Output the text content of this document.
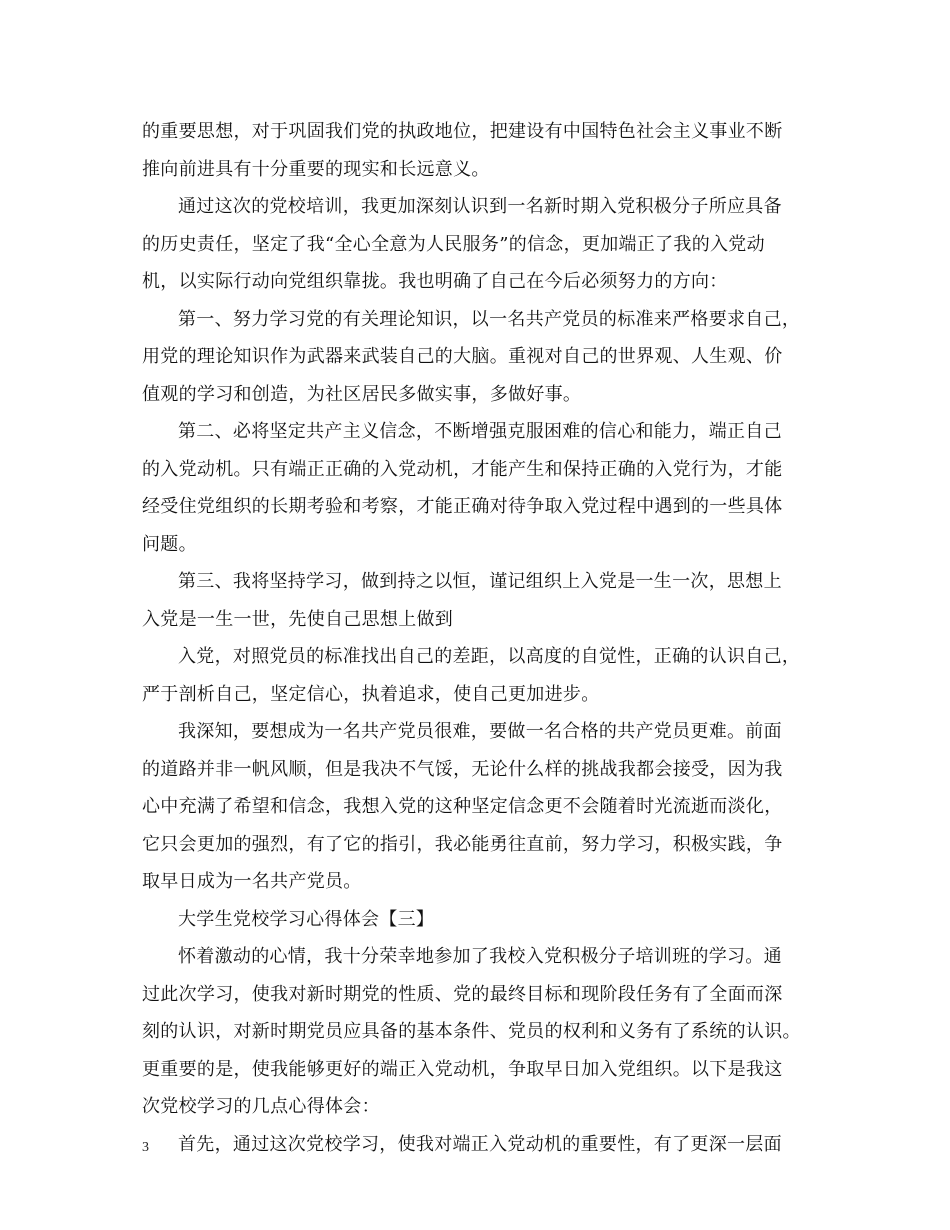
的重要思想，对于巩固我们党的执政地位，把建设有中国特色社会主义事业不断
推向前进具有十分重要的现实和长远意义。
通过这次的党校培训，我更加深刻认识到一名新时期入党积极分子所应具备
的历史责任，坚定了我“全心全意为人民服务”的信念，更加端正了我的入党动
机，以实际行动向党组织靠拢。我也明确了自己在今后必须努力的方向：
第一、努力学习党的有关理论知识，以一名共产党员的标准来严格要求自己，
用党的理论知识作为武器来武装自己的大脑。重视对自己的世界观、人生观、价
值观的学习和创造，为社区居民多做实事，多做好事。
第二、必将坚定共产主义信念，不断增强克服困难的信心和能力，端正自己
的入党动机。只有端正正确的入党动机，才能产生和保持正确的入党行为，才能
经受住党组织的长期考验和考察，才能正确对待争取入党过程中遇到的一些具体
问题。
第三、我将坚持学习，做到持之以恒，谨记组织上入党是一生一次，思想上
入党是一生一世，先使自己思想上做到
入党，对照党员的标准找出自己的差距，以高度的自觉性，正确的认识自己，
严于剖析自己，坚定信心，执着追求，使自己更加进步。
我深知，要想成为一名共产党员很难，要做一名合格的共产党员更难。前面
的道路并非一帆风顺，但是我决不气馁，无论什么样的挑战我都会接受，因为我
心中充满了希望和信念，我想入党的这种坚定信念更不会随着时光流逝而淡化，
它只会更加的强烈，有了它的指引，我必能勇往直前，努力学习，积极实践，争
取早日成为一名共产党员。
大学生党校学习心得体会【三】
怀着激动的心情，我十分荣幸地参加了我校入党积极分子培训班的学习。通
过此次学习，使我对新时期党的性质、党的最终目标和现阶段任务有了全面而深
刻的认识，对新时期党员应具备的基本条件、党员的权利和义务有了系统的认识。
更重要的是，使我能够更好的端正入党动机，争取早日加入党组织。以下是我这
次党校学习的几点心得体会：
首先，通过这次党校学习，使我对端正入党动机的重要性，有了更深一层面
3
